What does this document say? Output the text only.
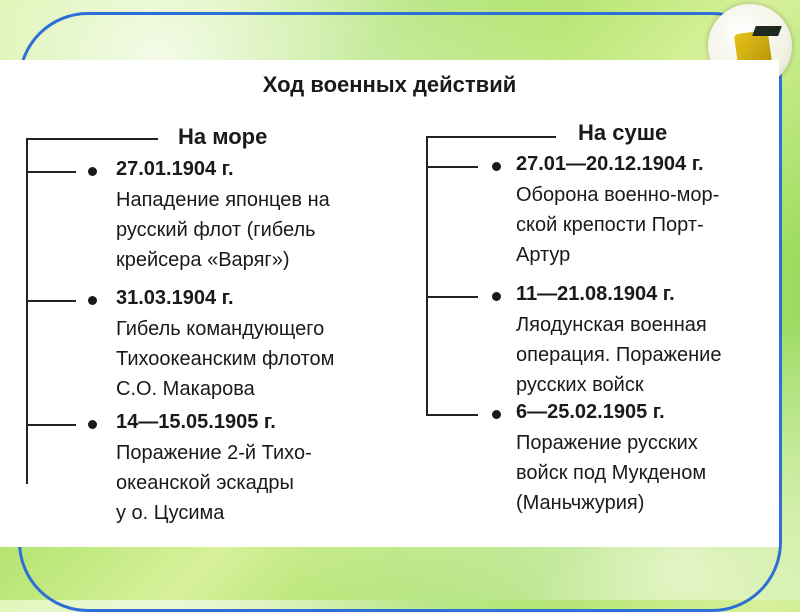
Ход военных действий
На море
27.01.1904 г.
Нападение японцев на
русский флот (гибель
крейсера «Варяг»)
31.03.1904 г.
Гибель командующего
Тихоокеанским флотом
С.О. Макарова
14—15.05.1905 г.
Поражение 2-й Тихо-
океанской эскадры
у о. Цусима
На суше
27.01—20.12.1904 г.
Оборона военно-мор-
ской крепости Порт-
Артур
11—21.08.1904 г.
Ляодунская военная
операция. Поражение
русских войск
6—25.02.1905 г.
Поражение русских
войск под Мукденом
(Маньчжурия)
